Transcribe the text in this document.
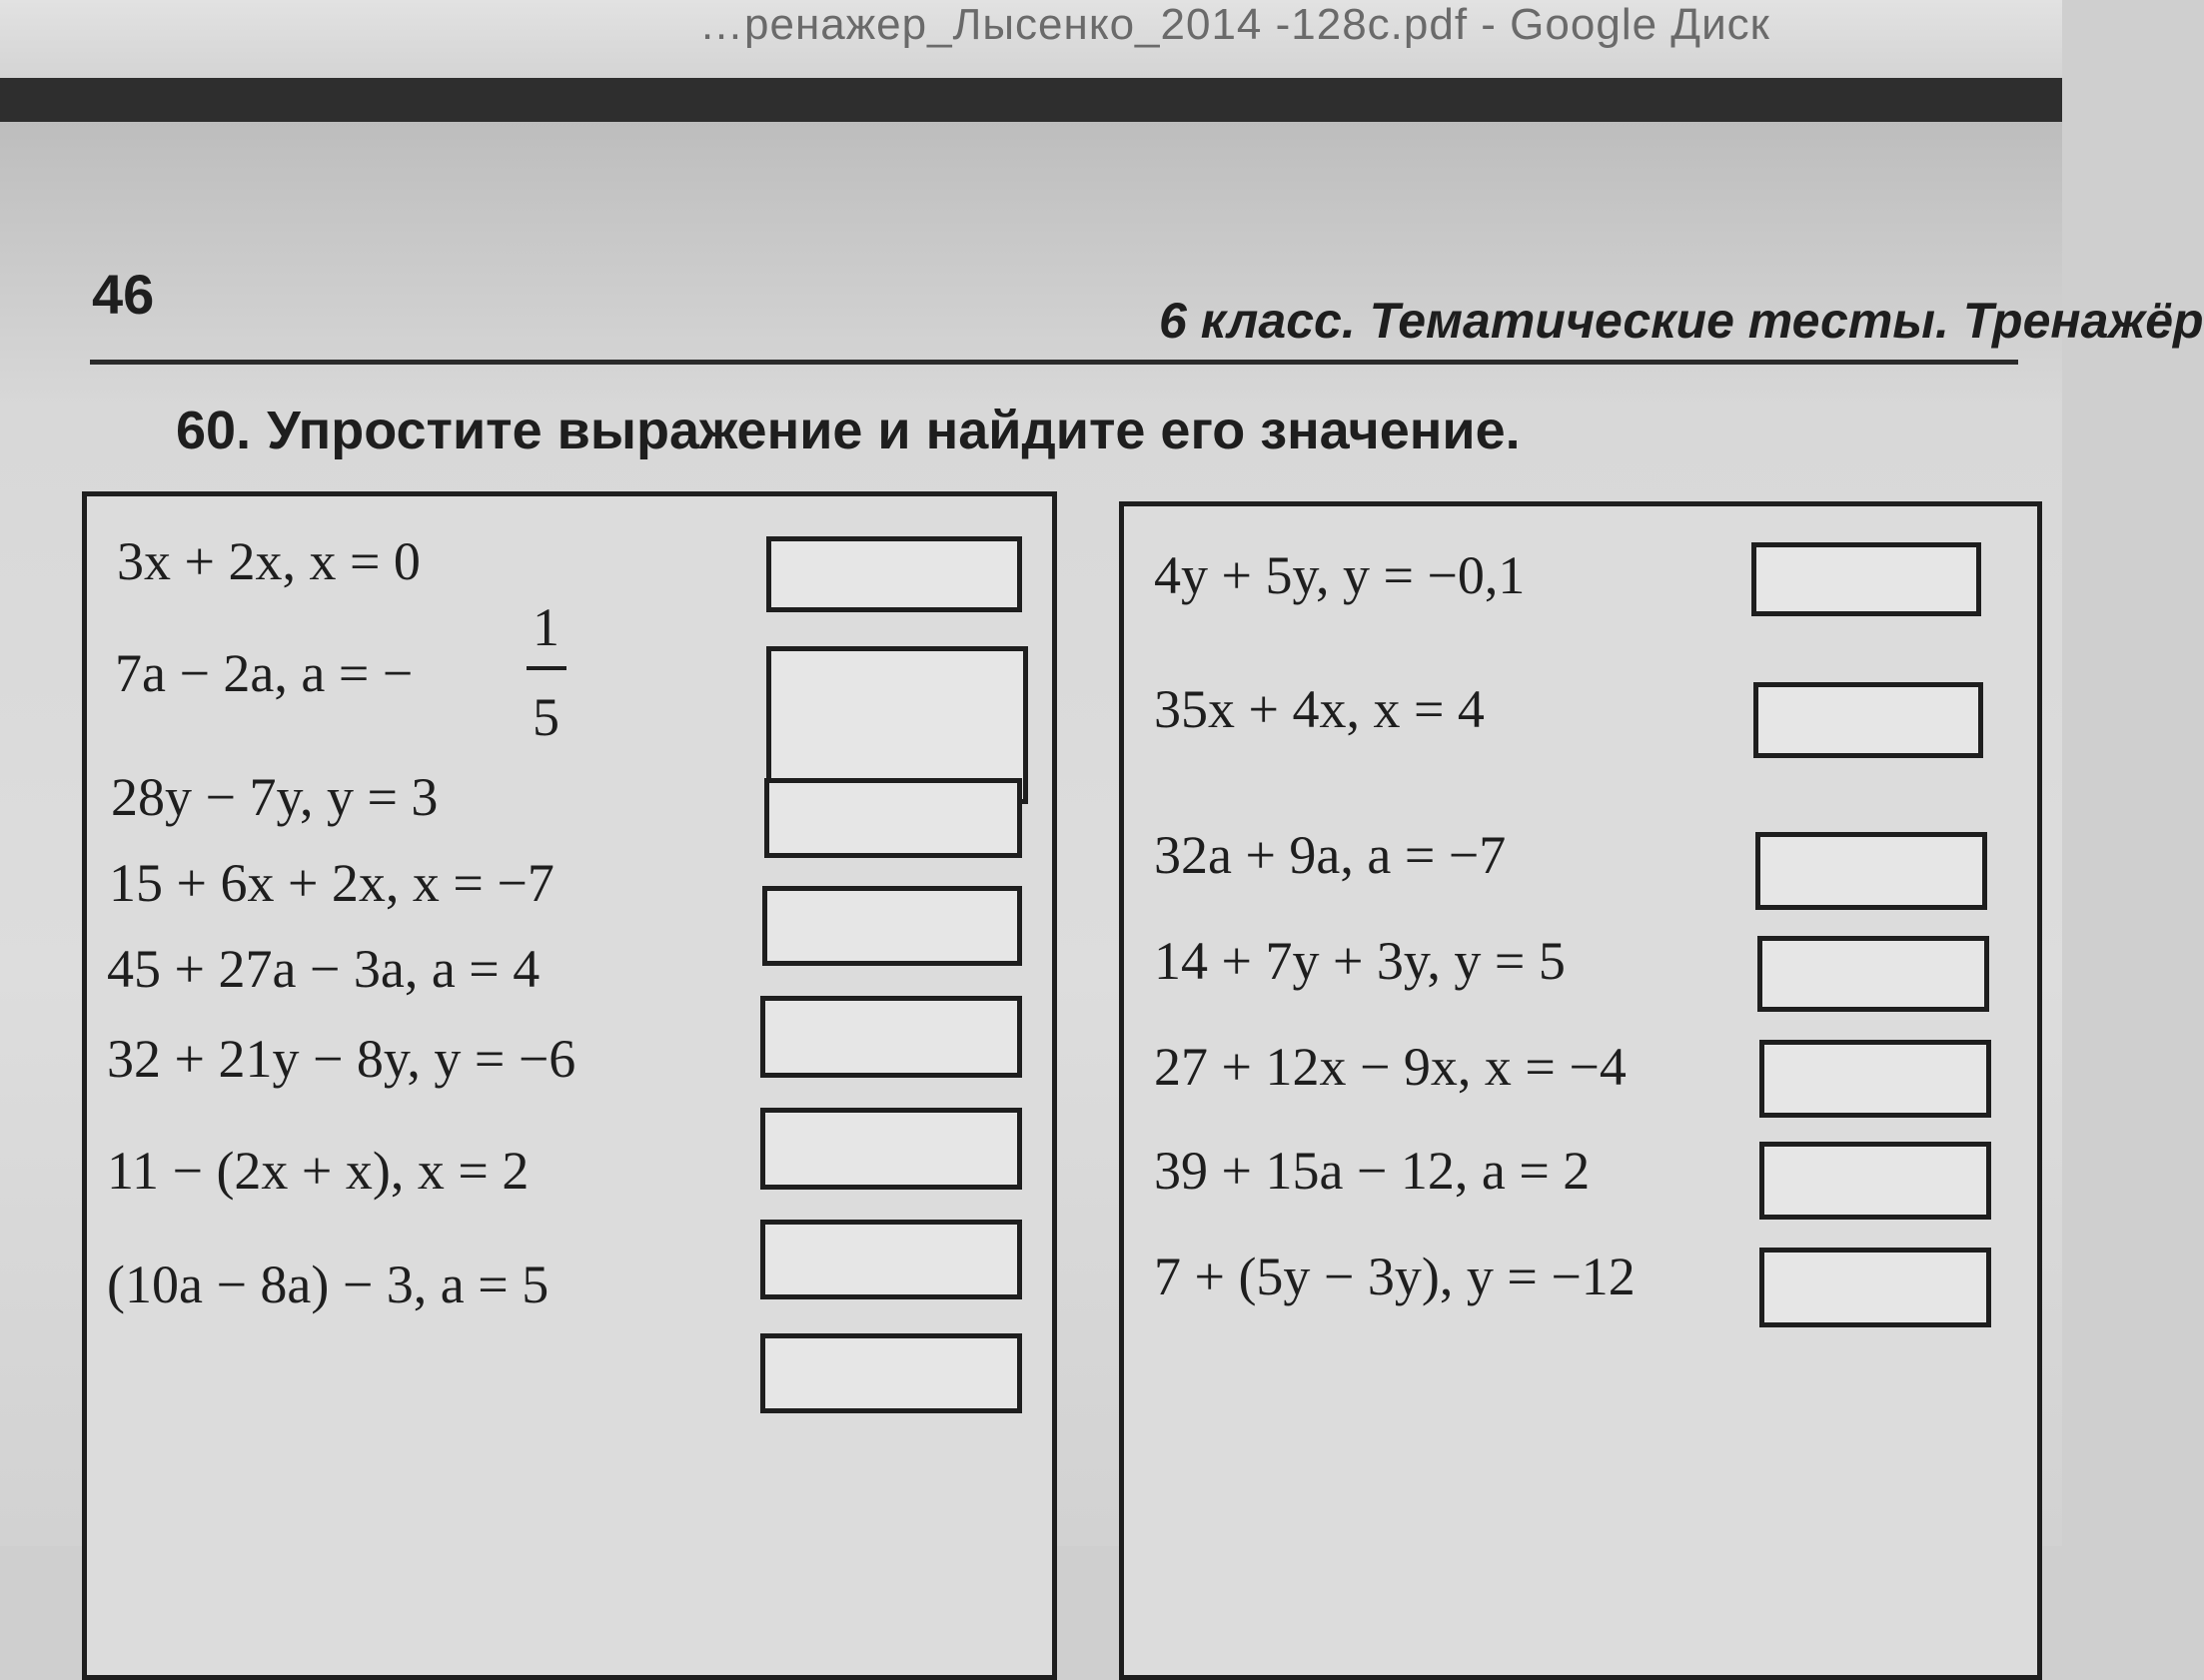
…ренажер_Лысенко_2014 -128с.pdf - Google Диск
46	6 класс. Тематические тесты. Тренажёр
60. Упростите выражение и найдите его значение.
3x + 2x, x = 0
7a − 2a, a = −
1
5
28y − 7y, y = 3
15 + 6x + 2x, x = −7
45 + 27a − 3a, a = 4
32 + 21y − 8y, y = −6
11 − (2x + x), x = 2
(10a − 8a) − 3, a = 5
4y + 5y, y = −0,1
35x + 4x, x = 4
32a + 9a, a = −7
14 + 7y + 3y, y = 5
27 + 12x − 9x, x = −4
39 + 15a − 12, a = 2
7 + (5y − 3y), y = −12
